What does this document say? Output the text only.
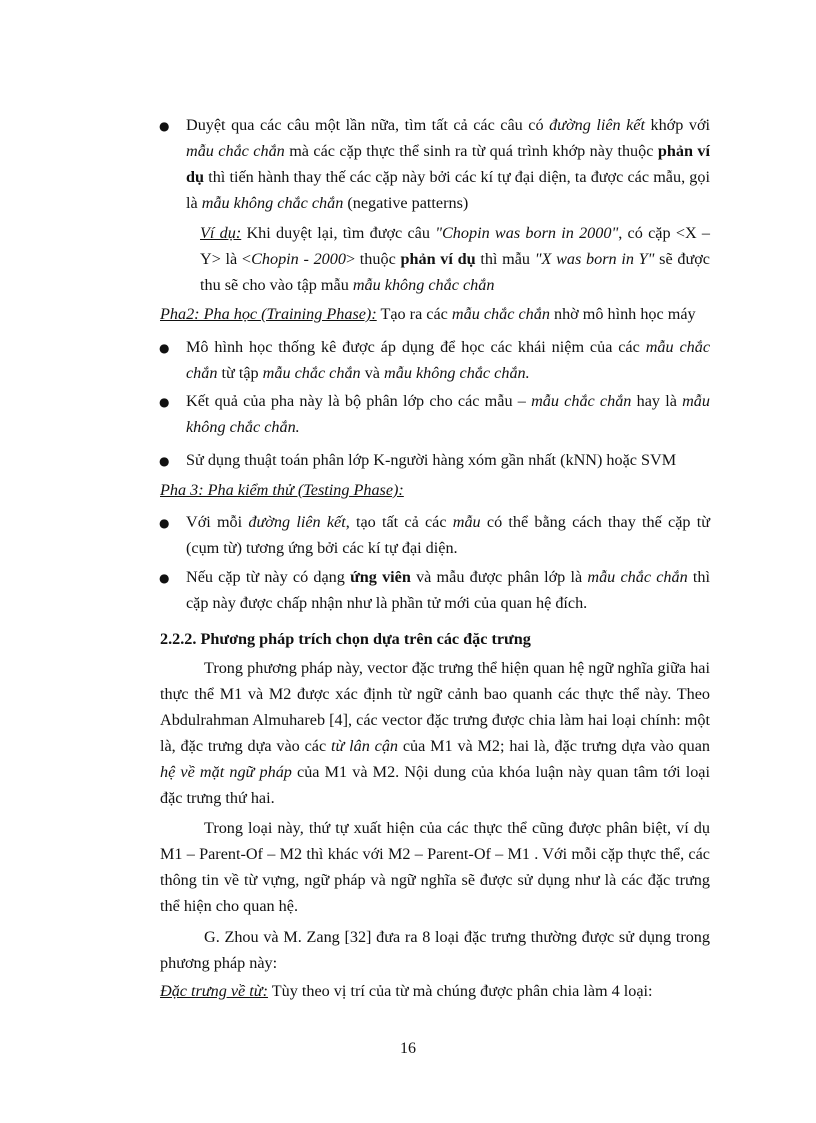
● Duyệt qua các câu một lần nữa, tìm tất cả các câu có đường liên kết khớp với mẫu chắc chắn mà các cặp thực thể sinh ra từ quá trình khớp này thuộc phản ví dụ thì tiến hành thay thế các cặp này bởi các kí tự đại diện, ta được các mẫu, gọi là mẫu không chắc chắn (negative patterns)
Ví dụ: Khi duyệt lại, tìm được câu "Chopin was born in 2000", có cặp <X – Y> là <Chopin - 2000> thuộc phản ví dụ thì mẫu "X was born in Y" sẽ được thu sẽ cho vào tập mẫu mẫu không chắc chắn
Pha2: Pha học (Training Phase): Tạo ra các mẫu chắc chắn nhờ mô hình học máy
● Mô hình học thống kê được áp dụng để học các khái niệm của các mẫu chắc chắn từ tập mẫu chắc chắn và mẫu không chắc chắn.
● Kết quả của pha này là bộ phân lớp cho các mẫu – mẫu chắc chắn hay là mẫu không chắc chắn.
● Sử dụng thuật toán phân lớp K-người hàng xóm gần nhất (kNN) hoặc SVM
Pha 3: Pha kiểm thử (Testing Phase):
● Với mỗi đường liên kết, tạo tất cả các mẫu có thể bằng cách thay thế cặp từ (cụm từ) tương ứng bởi các kí tự đại diện.
● Nếu cặp từ này có dạng ứng viên và mẫu được phân lớp là mẫu chắc chắn thì cặp này được chấp nhận như là phần tử mới của quan hệ đích.
2.2.2. Phương pháp trích chọn dựa trên các đặc trưng
Trong phương pháp này, vector đặc trưng thể hiện quan hệ ngữ nghĩa giữa hai thực thể M1 và M2 được xác định từ ngữ cảnh bao quanh các thực thể này. Theo Abdulrahman Almuhareb [4], các vector đặc trưng được chia làm hai loại chính: một là, đặc trưng dựa vào các từ lân cận của M1 và M2; hai là, đặc trưng dựa vào quan hệ về mặt ngữ pháp của M1 và M2. Nội dung của khóa luận này quan tâm tới loại đặc trưng thứ hai.
Trong loại này, thứ tự xuất hiện của các thực thể cũng được phân biệt, ví dụ M1 – Parent-Of – M2 thì khác với M2 – Parent-Of – M1 . Với mỗi cặp thực thể, các thông tin về từ vựng, ngữ pháp và ngữ nghĩa sẽ được sử dụng như là các đặc trưng thể hiện cho quan hệ.
G. Zhou và M. Zang [32] đưa ra 8 loại đặc trưng thường được sử dụng trong phương pháp này:
Đặc trưng về từ: Tùy theo vị trí của từ mà chúng được phân chia làm 4 loại:
16
